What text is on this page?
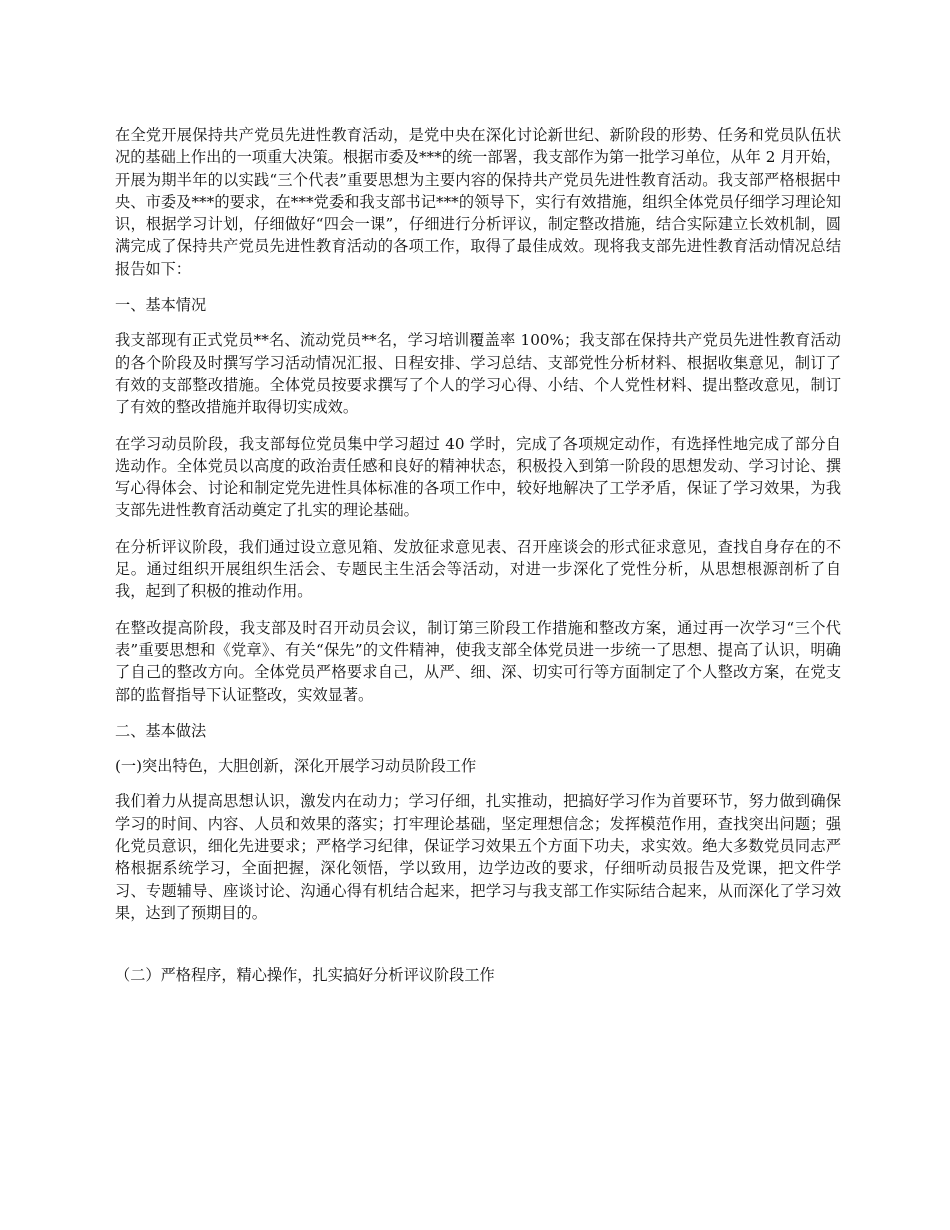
在全党开展保持共产党员先进性教育活动，是党中央在深化讨论新世纪、新阶段的形势、任务和党员队伍状况的基础上作出的一项重大决策。根据市委及***的统一部署，我支部作为第一批学习单位，从年 2 月开始，开展为期半年的以实践“三个代表”重要思想为主要内容的保持共产党员先进性教育活动。我支部严格根据中央、市委及***的要求，在***党委和我支部书记***的领导下，实行有效措施，组织全体党员仔细学习理论知识，根据学习计划，仔细做好“四会一课”，仔细进行分析评议，制定整改措施，结合实际建立长效机制，圆满完成了保持共产党员先进性教育活动的各项工作，取得了最佳成效。现将我支部先进性教育活动情况总结报告如下：

一、基本情况

我支部现有正式党员**名、流动党员**名，学习培训覆盖率 100%；我支部在保持共产党员先进性教育活动的各个阶段及时撰写学习活动情况汇报、日程安排、学习总结、支部党性分析材料、根据收集意见，制订了有效的支部整改措施。全体党员按要求撰写了个人的学习心得、小结、个人党性材料、提出整改意见，制订了有效的整改措施并取得切实成效。

在学习动员阶段，我支部每位党员集中学习超过 40 学时，完成了各项规定动作，有选择性地完成了部分自选动作。全体党员以高度的政治责任感和良好的精神状态，积极投入到第一阶段的思想发动、学习讨论、撰写心得体会、讨论和制定党先进性具体标准的各项工作中，较好地解决了工学矛盾，保证了学习效果，为我支部先进性教育活动奠定了扎实的理论基础。

在分析评议阶段，我们通过设立意见箱、发放征求意见表、召开座谈会的形式征求意见，查找自身存在的不足。通过组织开展组织生活会、专题民主生活会等活动，对进一步深化了党性分析，从思想根源剖析了自我，起到了积极的推动作用。

在整改提高阶段，我支部及时召开动员会议，制订第三阶段工作措施和整改方案，通过再一次学习“三个代表”重要思想和《党章》、有关“保先”的文件精神，使我支部全体党员进一步统一了思想、提高了认识，明确了自己的整改方向。全体党员严格要求自己，从严、细、深、切实可行等方面制定了个人整改方案，在党支部的监督指导下认证整改，实效显著。

二、基本做法

(一)突出特色，大胆创新，深化开展学习动员阶段工作

我们着力从提高思想认识，激发内在动力；学习仔细，扎实推动，把搞好学习作为首要环节，努力做到确保学习的时间、内容、人员和效果的落实；打牢理论基础，坚定理想信念；发挥模范作用，查找突出问题；强化党员意识，细化先进要求；严格学习纪律，保证学习效果五个方面下功夫，求实效。绝大多数党员同志严格根据系统学习，全面把握，深化领悟，学以致用，边学边改的要求，仔细听动员报告及党课，把文件学习、专题辅导、座谈讨论、沟通心得有机结合起来，把学习与我支部工作实际结合起来，从而深化了学习效果，达到了预期目的。

（二）严格程序，精心操作，扎实搞好分析评议阶段工作
